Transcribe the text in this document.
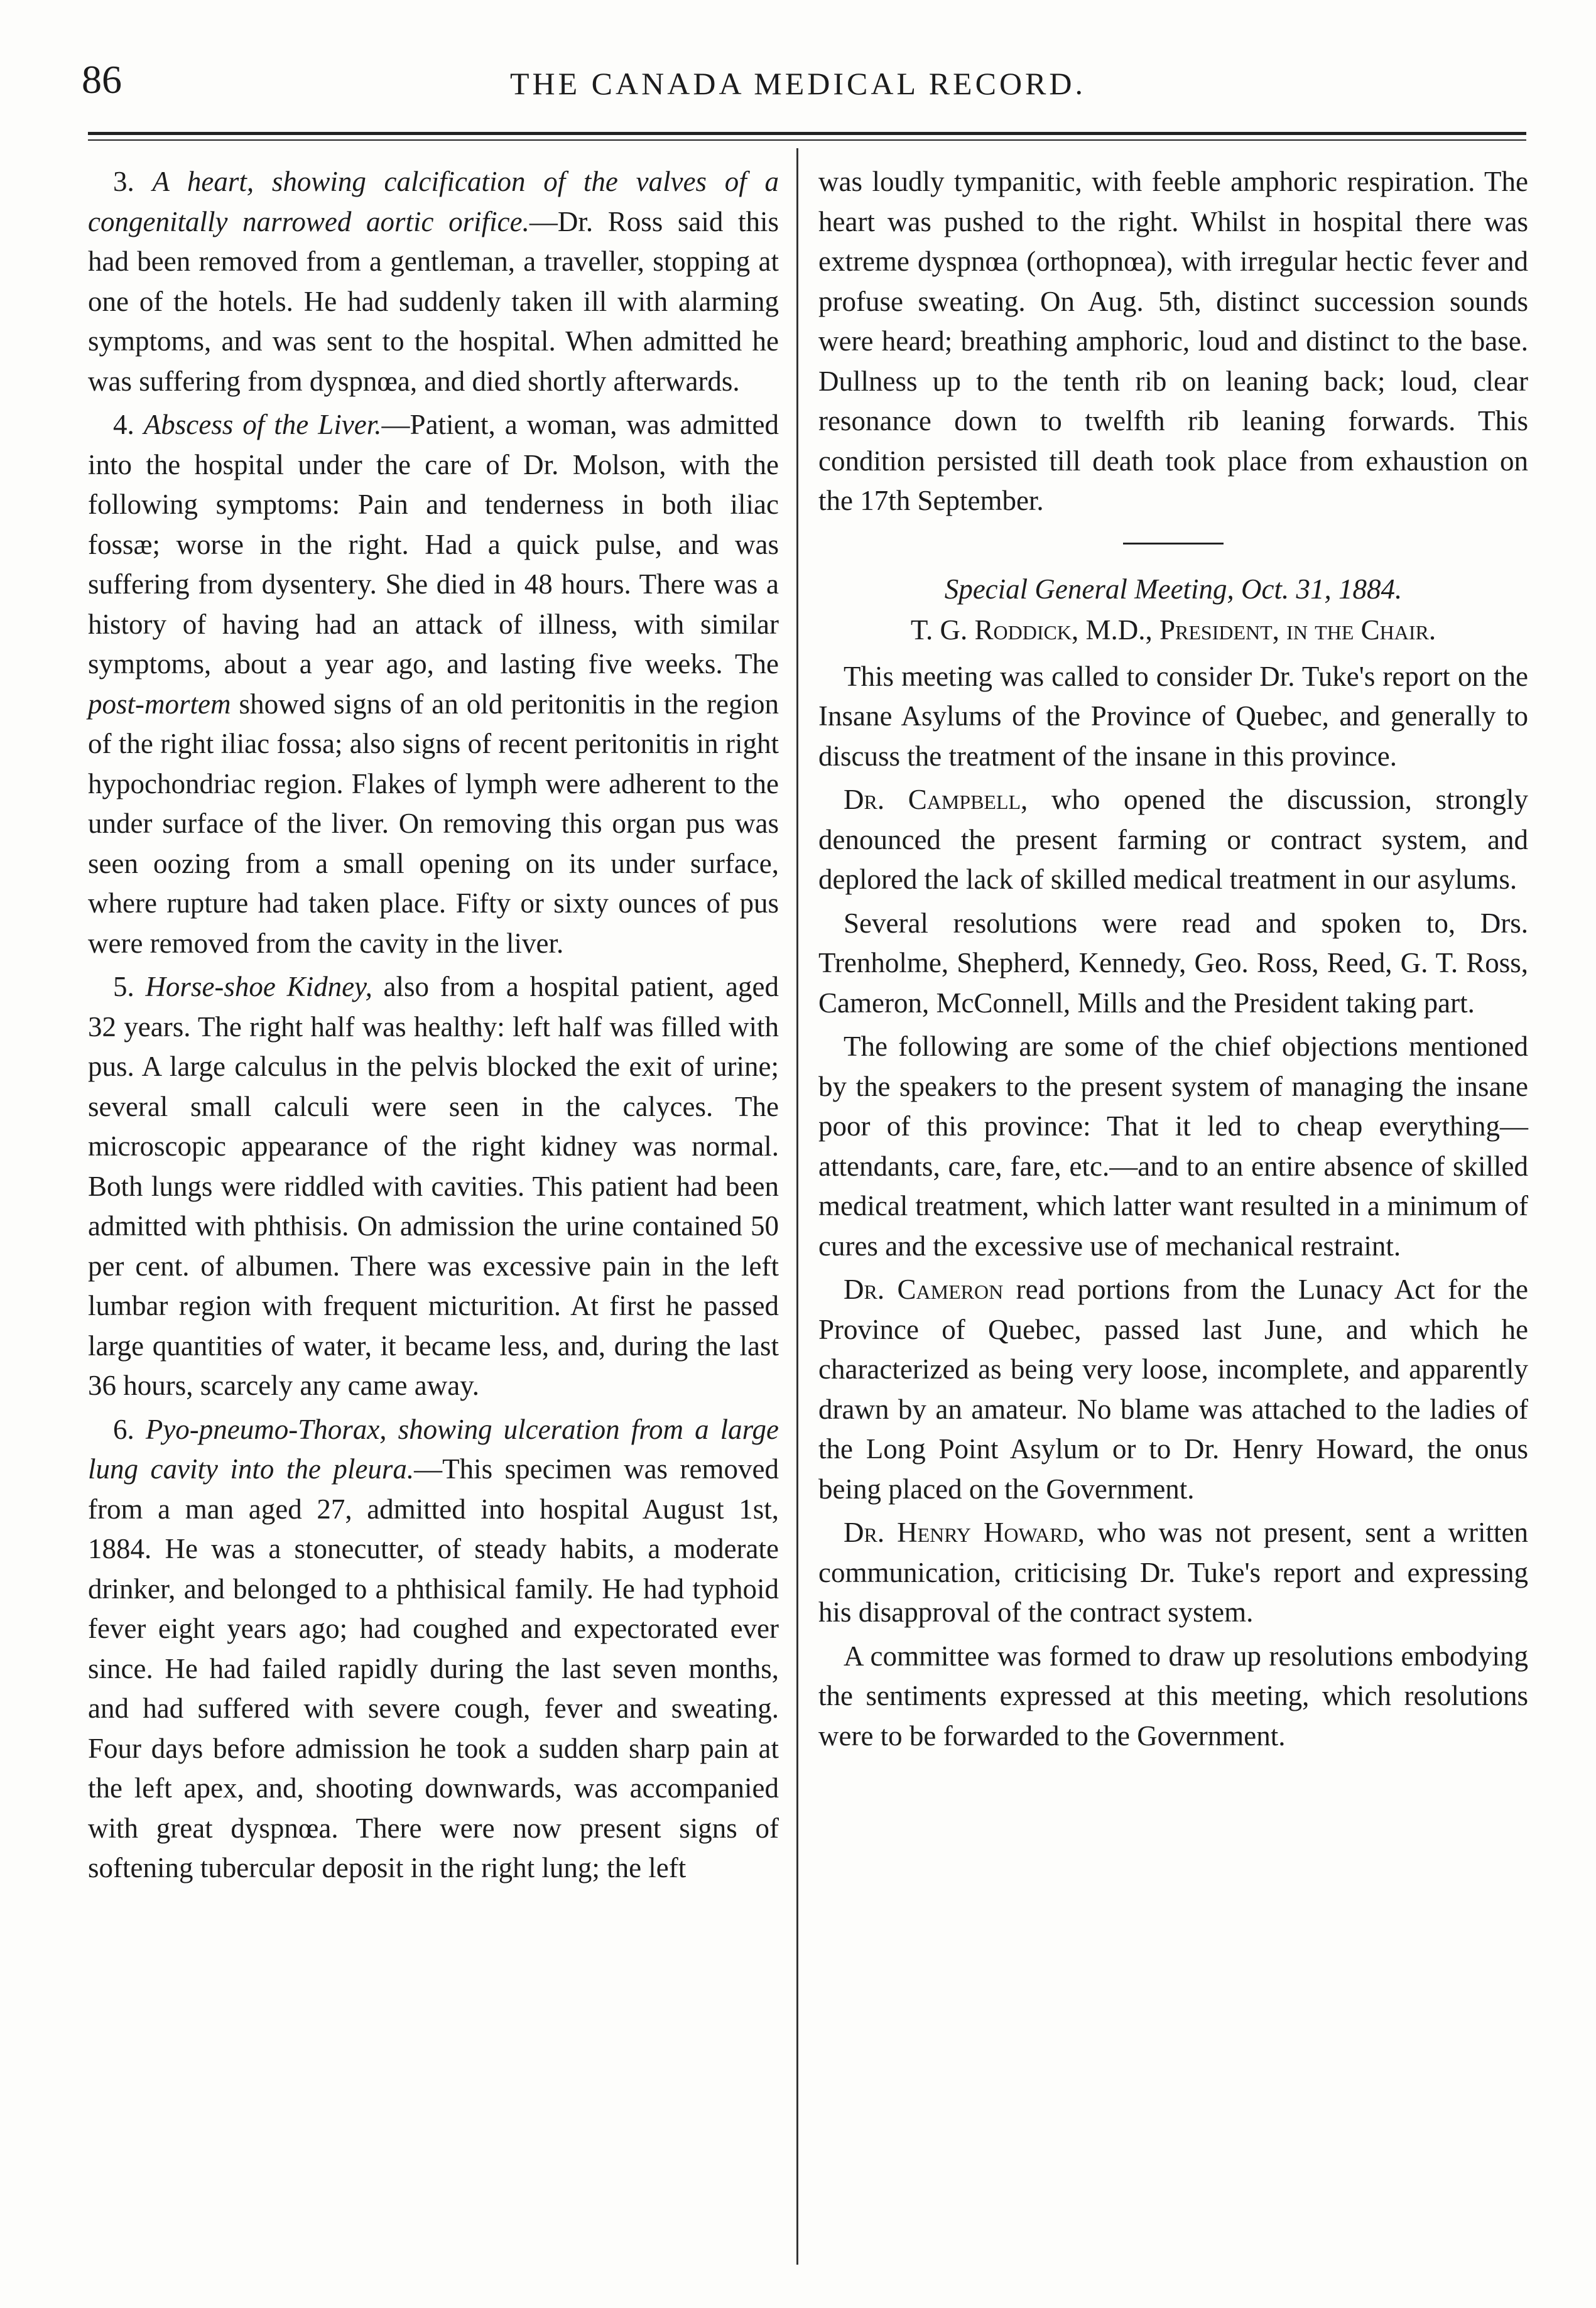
86	THE CANADA MEDICAL RECORD.

3. A heart, showing calcification of the valves of a congenitally narrowed aortic orifice.—Dr. Ross said this had been removed from a gentleman, a traveller, stopping at one of the hotels. He had suddenly taken ill with alarming symptoms, and was sent to the hospital. When admitted he was suffering from dyspnœa, and died shortly afterwards.

4. Abscess of the Liver.—Patient, a woman, was admitted into the hospital under the care of Dr. Molson, with the following symptoms: Pain and tenderness in both iliac fossæ; worse in the right. Had a quick pulse, and was suffering from dysentery. She died in 48 hours. There was a history of having had an attack of illness, with similar symptoms, about a year ago, and lasting five weeks. The post-mortem showed signs of an old peritonitis in the region of the right iliac fossa; also signs of recent peritonitis in right hypochondriac region. Flakes of lymph were adherent to the under surface of the liver. On removing this organ pus was seen oozing from a small opening on its under surface, where rupture had taken place. Fifty or sixty ounces of pus were removed from the cavity in the liver.

5. Horse-shoe Kidney, also from a hospital patient, aged 32 years. The right half was healthy: left half was filled with pus. A large calculus in the pelvis blocked the exit of urine; several small calculi were seen in the calyces. The microscopic appearance of the right kidney was normal. Both lungs were riddled with cavities. This patient had been admitted with phthisis. On admission the urine contained 50 per cent. of albumen. There was excessive pain in the left lumbar region with frequent micturition. At first he passed large quantities of water, it became less, and, during the last 36 hours, scarcely any came away.

6. Pyo-pneumo-Thorax, showing ulceration from a large lung cavity into the pleura.—This specimen was removed from a man aged 27, admitted into hospital August 1st, 1884. He was a stonecutter, of steady habits, a moderate drinker, and belonged to a phthisical family. He had typhoid fever eight years ago; had coughed and expectorated ever since. He had failed rapidly during the last seven months, and had suffered with severe cough, fever and sweating. Four days before admission he took a sudden sharp pain at the left apex, and, shooting downwards, was accompanied with great dyspnœa. There were now present signs of softening tubercular deposit in the right lung; the left

was loudly tympanitic, with feeble amphoric respiration. The heart was pushed to the right. Whilst in hospital there was extreme dyspnœa (orthopnœa), with irregular hectic fever and profuse sweating. On Aug. 5th, distinct succession sounds were heard; breathing amphoric, loud and distinct to the base. Dullness up to the tenth rib on leaning back; loud, clear resonance down to twelfth rib leaning forwards. This condition persisted till death took place from exhaustion on the 17th September.

Special General Meeting, Oct. 31, 1884.

T. G. Roddick, M.D., President, in the Chair.

This meeting was called to consider Dr. Tuke's report on the Insane Asylums of the Province of Quebec, and generally to discuss the treatment of the insane in this province.

Dr. Campbell, who opened the discussion, strongly denounced the present farming or contract system, and deplored the lack of skilled medical treatment in our asylums.

Several resolutions were read and spoken to, Drs. Trenholme, Shepherd, Kennedy, Geo. Ross, Reed, G. T. Ross, Cameron, McConnell, Mills and the President taking part.

The following are some of the chief objections mentioned by the speakers to the present system of managing the insane poor of this province: That it led to cheap everything—attendants, care, fare, etc.—and to an entire absence of skilled medical treatment, which latter want resulted in a minimum of cures and the excessive use of mechanical restraint.

Dr. Cameron read portions from the Lunacy Act for the Province of Quebec, passed last June, and which he characterized as being very loose, incomplete, and apparently drawn by an amateur. No blame was attached to the ladies of the Long Point Asylum or to Dr. Henry Howard, the onus being placed on the Government.

Dr. Henry Howard, who was not present, sent a written communication, criticising Dr. Tuke's report and expressing his disapproval of the contract system.

A committee was formed to draw up resolutions embodying the sentiments expressed at this meeting, which resolutions were to be forwarded to the Government.
